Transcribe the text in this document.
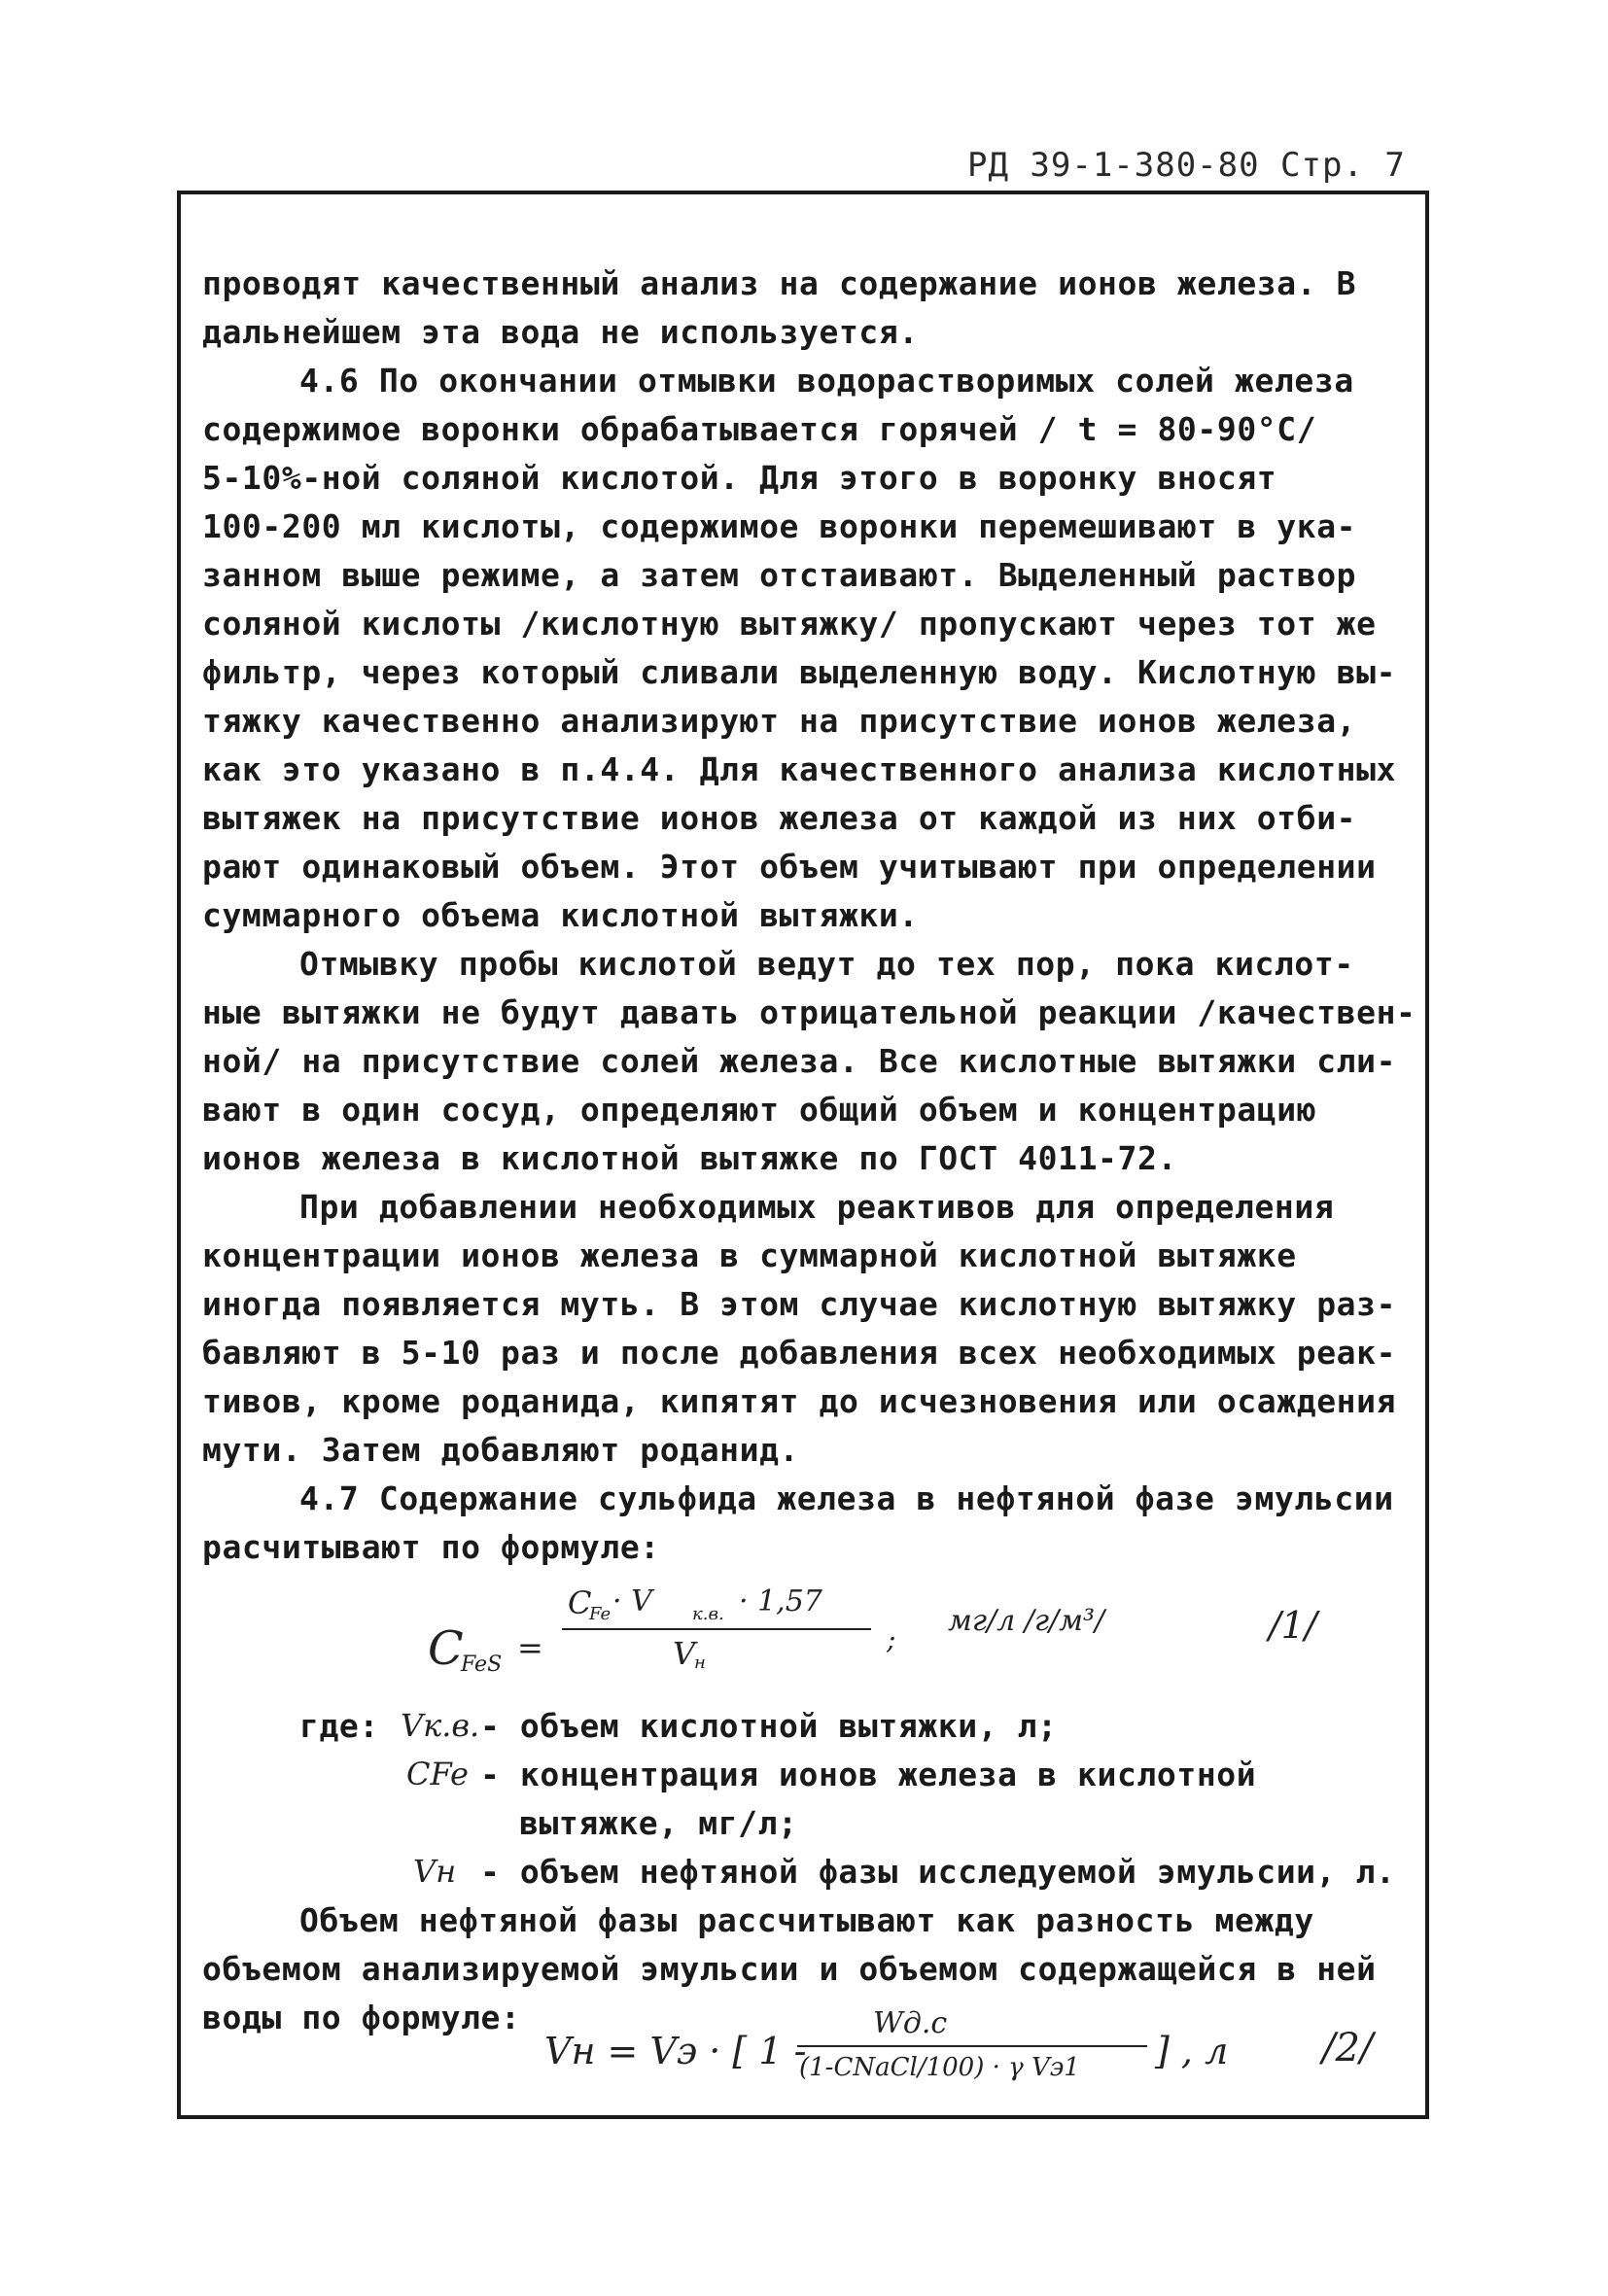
РД 39-1-380-80 Стр. 7
проводят качественный анализ на содержание ионов железа. В
дальнейшем эта вода не используется.
4.6 По окончании отмывки водорастворимых солей железа
содержимое воронки обрабатывается горячей / t = 80-90°C/
5-10%-ной соляной кислотой. Для этого в воронку вносят
100-200 мл кислоты, содержимое воронки перемешивают в ука-
занном выше режиме, а затем отстаивают. Выделенный раствор
соляной кислоты /кислотную вытяжку/ пропускают через тот же
фильтр, через который сливали выделенную воду. Кислотную вы-
тяжку качественно анализируют на присутствие ионов железа,
как это указано в п.4.4. Для качественного анализа кислотных
вытяжек на присутствие ионов железа от каждой из них отби-
рают одинаковый объем. Этот объем учитывают при определении
суммарного объема кислотной вытяжки.
Отмывку пробы кислотой ведут до тех пор, пока кислот-
ные вытяжки не будут давать отрицательной реакции /качествен-
ной/ на присутствие солей железа. Все кислотные вытяжки сли-
вают в один сосуд, определяют общий объем и концентрацию
ионов железа в кислотной вытяжке по ГОСТ 4011-72.
При добавлении необходимых реактивов для определения
концентрации ионов железа в суммарной кислотной вытяжке
иногда появляется муть. В этом случае кислотную вытяжку раз-
бавляют в 5-10 раз и после добавления всех необходимых реак-
тивов, кроме роданида, кипятят до исчезновения или осаждения
мути. Затем добавляют роданид.
4.7 Содержание сульфида железа в нефтяной фазе эмульсии
расчитывают по формуле:
C
FeS =
C
Fe · V к.в. · 1,57
V
н
;
мг/л /г/м³/	/1/
где: Vк.в. - объем кислотной вытяжки, л;
CFe - концентрация ионов железа в кислотной
вытяжке, мг/л;
Vн - объем нефтяной фазы исследуемой эмульсии, л.
Объем нефтяной фазы рассчитывают как разность между
объемом анализируемой эмульсии и объемом содержащейся в ней
воды по формуле:
Vн = Vэ · [ 1 -
Wд.с
(1-CNaCl/100) · γ Vэ1 ] , л /2/
